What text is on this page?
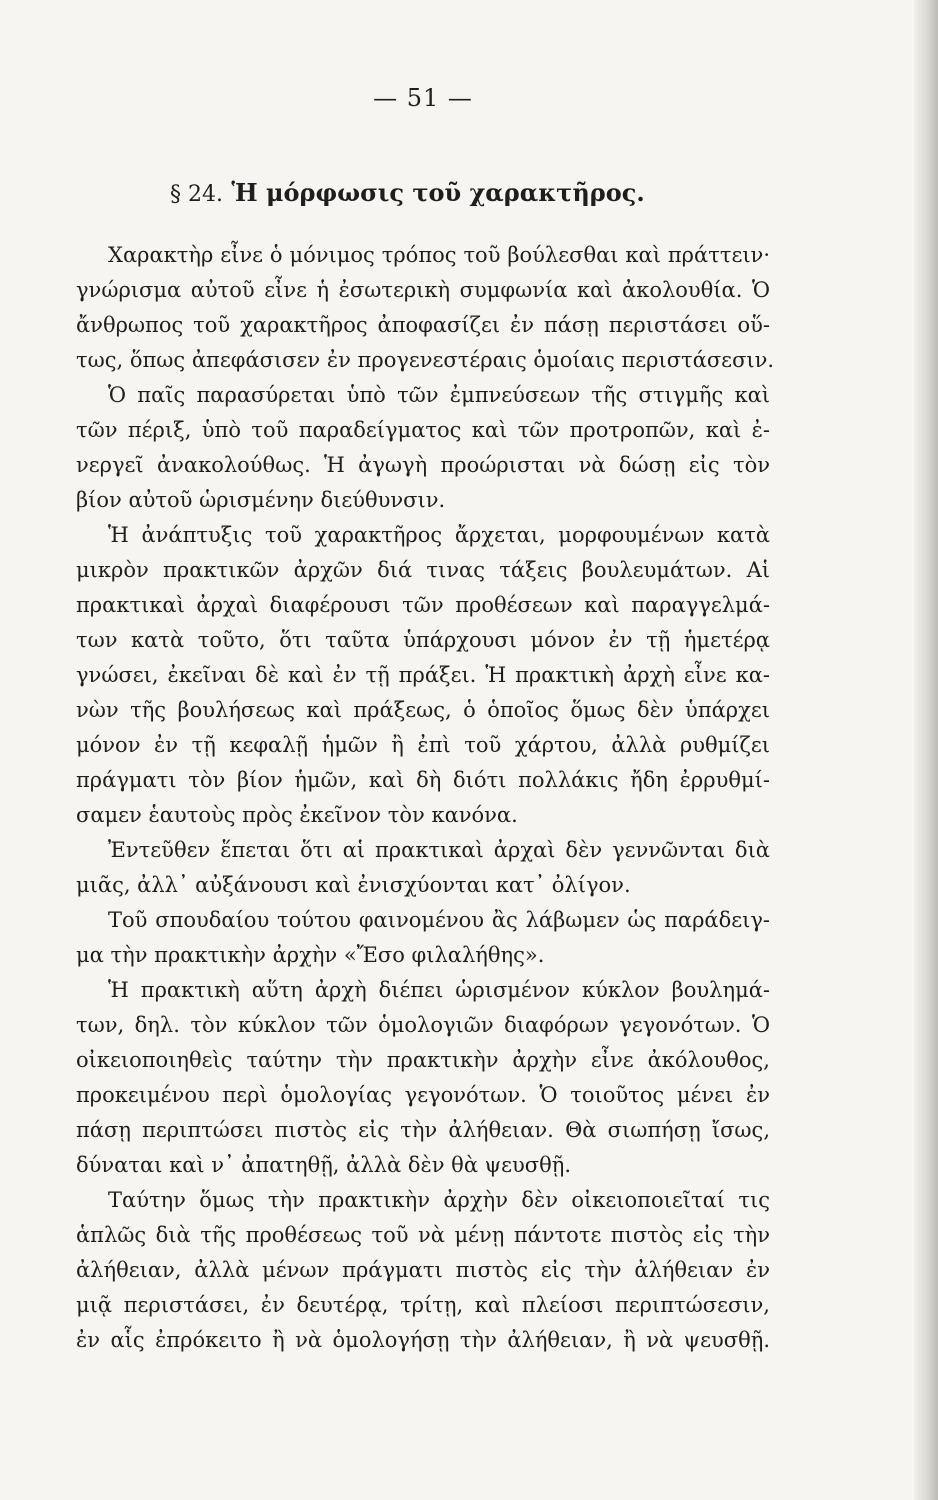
— 51 —
§ 24. Ἡ μόρφωσις τοῦ χαρακτῆρος.
Χαρακτὴρ εἶνε ὁ μόνιμος τρόπος τοῦ βούλεσθαι καὶ πράττειν·
γνώρισμα αὐτοῦ εἶνε ἡ ἐσωτερικὴ συμφωνία καὶ ἀκολουθία. Ὁ
ἄνθρωπος τοῦ χαρακτῆρος ἀποφασίζει ἐν πάσῃ περιστάσει οὕ-
τως, ὅπως ἀπεφάσισεν ἐν προγενεστέραις ὁμοίαις περιστάσεσιν.
Ὁ παῖς παρασύρεται ὑπὸ τῶν ἐμπνεύσεων τῆς στιγμῆς καὶ
τῶν πέριξ, ὑπὸ τοῦ παραδείγματος καὶ τῶν προτροπῶν, καὶ ἐ-
νεργεῖ ἀνακολούθως. Ἡ ἀγωγὴ προώρισται νὰ δώσῃ εἰς τὸν
βίον αὐτοῦ ὡρισμένην διεύθυνσιν.
Ἡ ἀνάπτυξις τοῦ χαρακτῆρος ἄρχεται, μορφουμένων κατὰ
μικρὸν πρακτικῶν ἀρχῶν διά τινας τάξεις βουλευμάτων. Αἱ
πρακτικαὶ ἀρχαὶ διαφέρουσι τῶν προθέσεων καὶ παραγγελμά-
των κατὰ τοῦτο, ὅτι ταῦτα ὑπάρχουσι μόνον ἐν τῇ ἡμετέρᾳ
γνώσει, ἐκεῖναι δὲ καὶ ἐν τῇ πράξει. Ἡ πρακτικὴ ἀρχὴ εἶνε κα-
νὼν τῆς βουλήσεως καὶ πράξεως, ὁ ὁποῖος ὅμως δὲν ὑπάρχει
μόνον ἐν τῇ κεφαλῇ ἡμῶν ἢ ἐπὶ τοῦ χάρτου, ἀλλὰ ρυθμίζει
πράγματι τὸν βίον ἡμῶν, καὶ δὴ διότι πολλάκις ἤδη ἐρρυθμί-
σαμεν ἑαυτοὺς πρὸς ἐκεῖνον τὸν κανόνα.
Ἐντεῦθεν ἕπεται ὅτι αἱ πρακτικαὶ ἀρχαὶ δὲν γεννῶνται διὰ
μιᾶς, ἀλλ᾽ αὐξάνουσι καὶ ἐνισχύονται κατ᾽ ὀλίγον.
Τοῦ σπουδαίου τούτου φαινομένου ἂς λάβωμεν ὡς παράδειγ-
μα τὴν πρακτικὴν ἀρχὴν «Ἔσο φιλαλήθης».
Ἡ πρακτικὴ αὕτη ἀρχὴ διέπει ὡρισμένον κύκλον βουλημά-
των, δηλ. τὸν κύκλον τῶν ὁμολογιῶν διαφόρων γεγονότων. Ὁ
οἰκειοποιηθεὶς ταύτην τὴν πρακτικὴν ἀρχὴν εἶνε ἀκόλουθος,
προκειμένου περὶ ὁμολογίας γεγονότων. Ὁ τοιοῦτος μένει ἐν
πάσῃ περιπτώσει πιστὸς εἰς τὴν ἀλήθειαν. Θὰ σιωπήσῃ ἴσως,
δύναται καὶ ν᾽ ἀπατηθῇ, ἀλλὰ δὲν θὰ ψευσθῇ.
Ταύτην ὅμως τὴν πρακτικὴν ἀρχὴν δὲν οἰκειοποιεῖταί τις
ἁπλῶς διὰ τῆς προθέσεως τοῦ νὰ μένῃ πάντοτε πιστὸς εἰς τὴν
ἀλήθειαν, ἀλλὰ μένων πράγματι πιστὸς εἰς τὴν ἀλήθειαν ἐν
μιᾷ περιστάσει, ἐν δευτέρᾳ, τρίτῃ, καὶ πλείοσι περιπτώσεσιν,
ἐν αἷς ἐπρόκειτο ἢ νὰ ὁμολογήσῃ τὴν ἀλήθειαν, ἢ νὰ ψευσθῇ.
